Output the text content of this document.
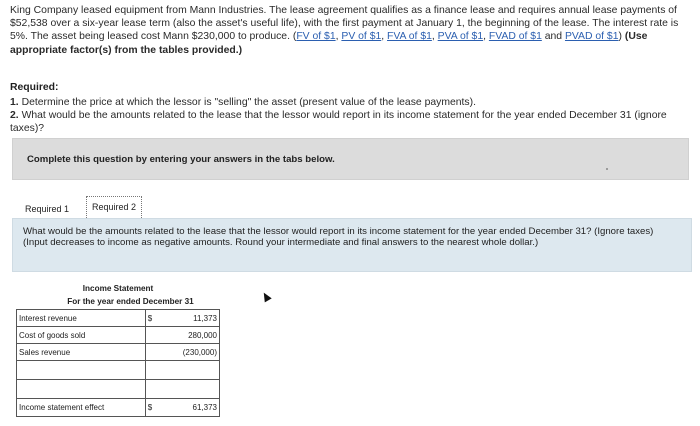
King Company leased equipment from Mann Industries. The lease agreement qualifies as a finance lease and requires annual lease payments of $52,538 over a six-year lease term (also the asset's useful life), with the first payment at January 1, the beginning of the lease. The interest rate is 5%. The asset being leased cost Mann $230,000 to produce. (FV of $1, PV of $1, FVA of $1, PVA of $1, FVAD of $1 and PVAD of $1) (Use appropriate factor(s) from the tables provided.)
Required:
1. Determine the price at which the lessor is "selling" the asset (present value of the lease payments).
2. What would be the amounts related to the lease that the lessor would report in its income statement for the year ended December 31 (ignore taxes)?
Complete this question by entering your answers in the tabs below.
Required 1	Required 2
What would be the amounts related to the lease that the lessor would report in its income statement for the year ended December 31? (Ignore taxes) (Input decreases to income as negative amounts. Round your intermediate and final answers to the nearest whole dollar.)
Income Statement
For the year ended December 31
Interest revenue	$	11,373
Cost of goods sold		280,000
Sales revenue		(230,000)

Income statement effect	$	61,373
